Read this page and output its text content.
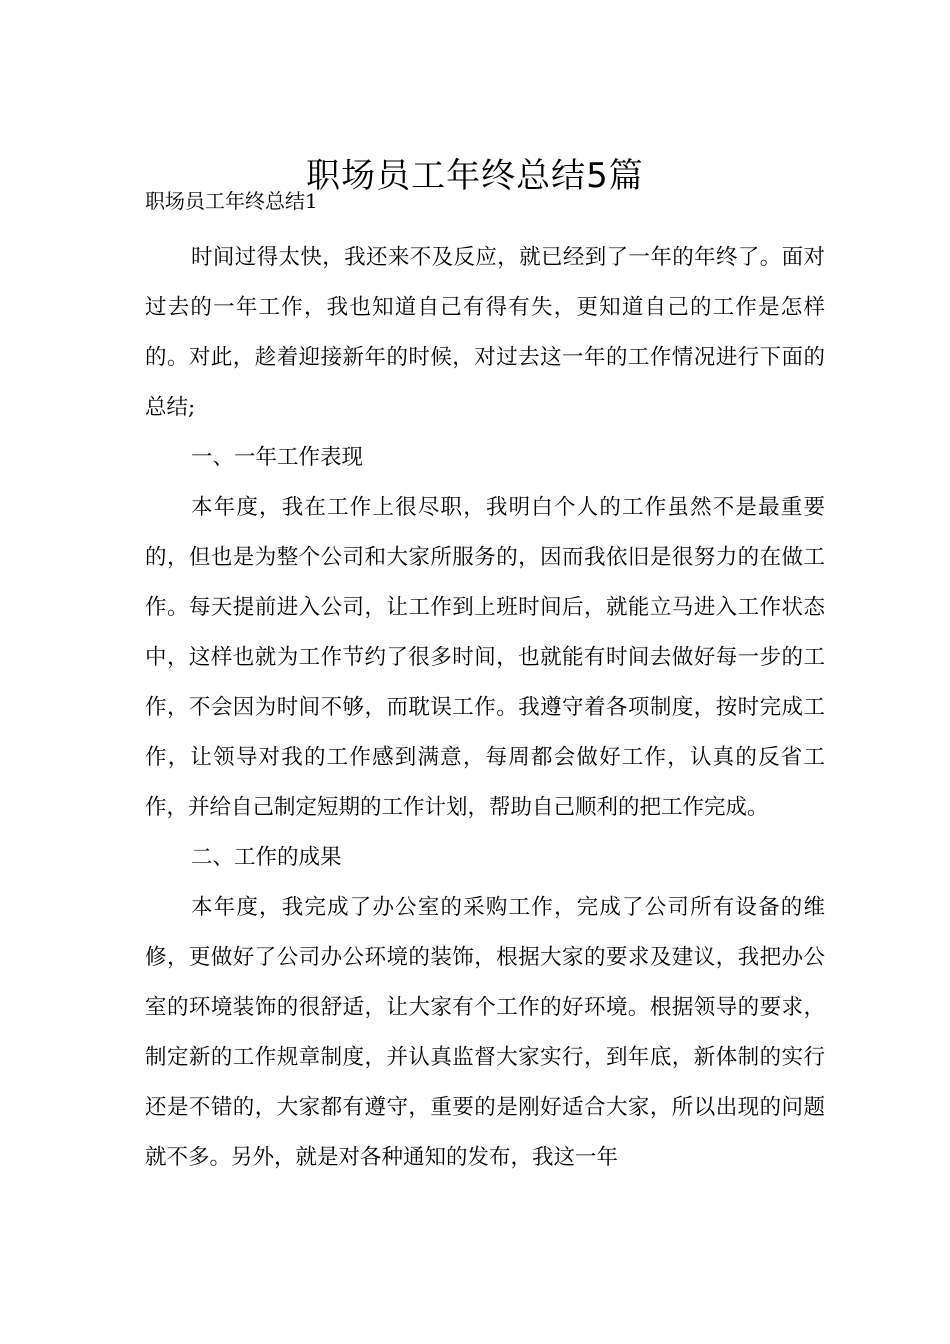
职场员工年终总结5篇

职场员工年终总结1

时间过得太快，我还来不及反应，就已经到了一年的年终了。面对过去的一年工作，我也知道自己有得有失，更知道自己的工作是怎样的。对此，趁着迎接新年的时候，对过去这一年的工作情况进行下面的总结;

一、一年工作表现

本年度，我在工作上很尽职，我明白个人的工作虽然不是最重要的，但也是为整个公司和大家所服务的，因而我依旧是很努力的在做工作。每天提前进入公司，让工作到上班时间后，就能立马进入工作状态中，这样也就为工作节约了很多时间，也就能有时间去做好每一步的工作，不会因为时间不够，而耽误工作。我遵守着各项制度，按时完成工作，让领导对我的工作感到满意，每周都会做好工作，认真的反省工作，并给自己制定短期的工作计划，帮助自己顺利的把工作完成。

二、工作的成果

本年度，我完成了办公室的采购工作，完成了公司所有设备的维修，更做好了公司办公环境的装饰，根据大家的要求及建议，我把办公室的环境装饰的很舒适，让大家有个工作的好环境。根据领导的要求，制定新的工作规章制度，并认真监督大家实行，到年底，新体制的实行还是不错的，大家都有遵守，重要的是刚好适合大家，所以出现的问题就不多。另外，就是对各种通知的发布，我这一年
